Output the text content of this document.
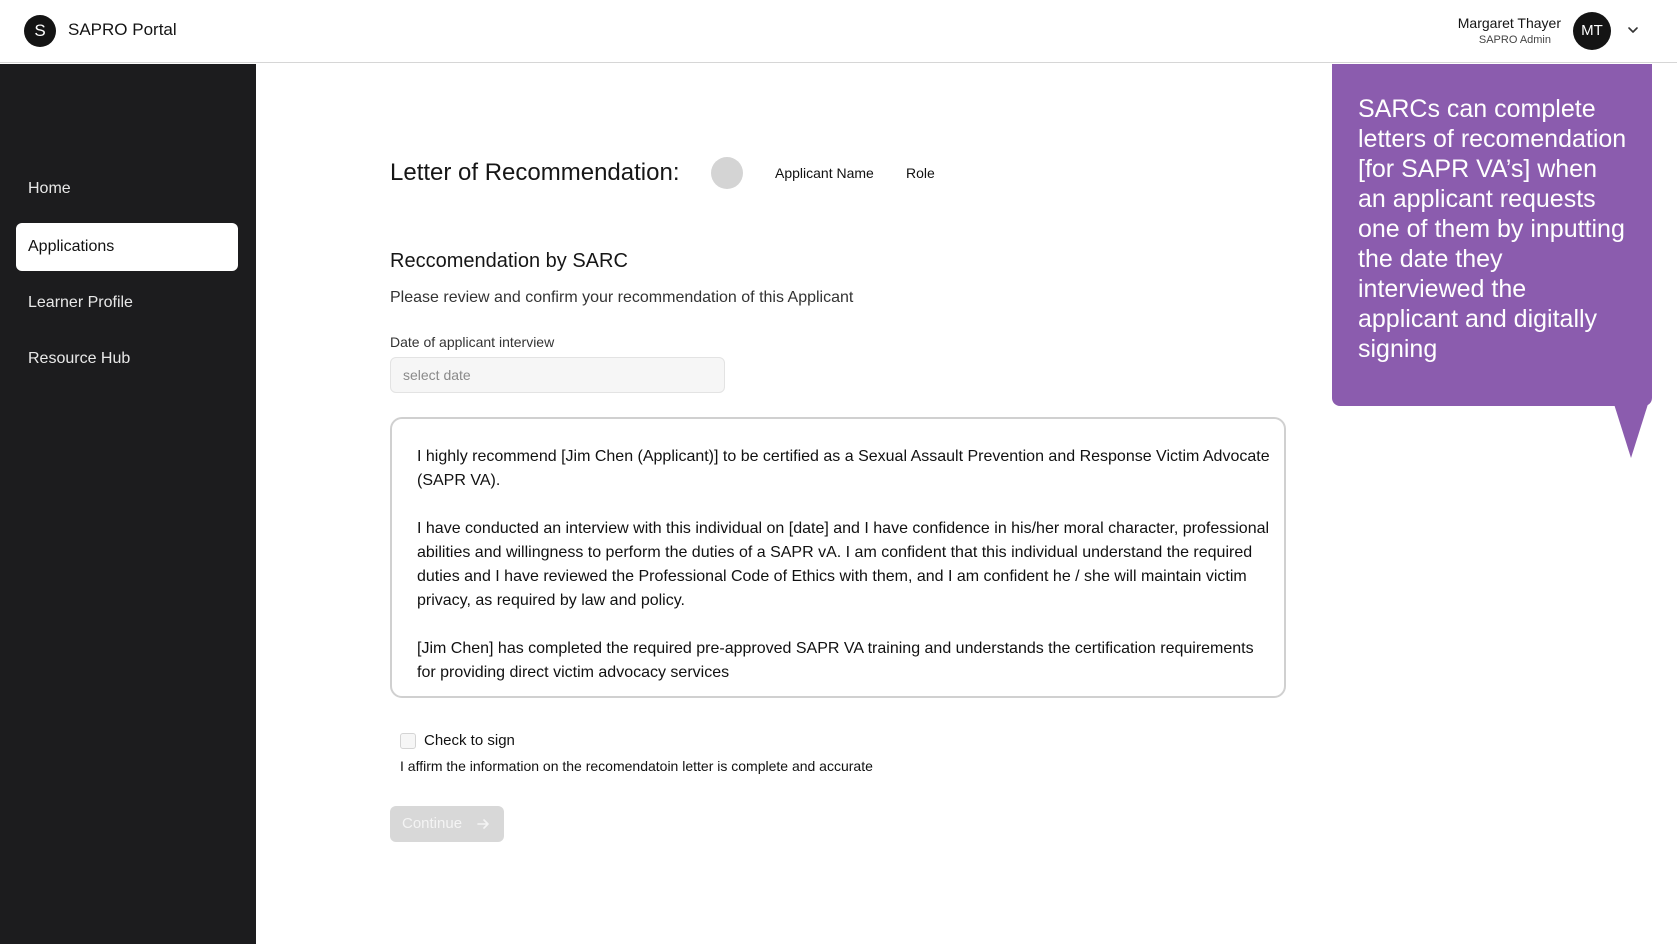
S	SAPRO Portal	Margaret Thayer
SAPRO Admin
MT
Home
Applications
Learner Profile
Resource Hub
Letter of Recommendation:	Applicant Name Role
Reccomendation by SARC
Please review and confirm your recommendation of this Applicant
Date of applicant interview
select date

I highly recommend [Jim Chen (Applicant)] to be certified as a Sexual Assault Prevention and Response Victim Advocate (SAPR VA).

I have conducted an interview with this individual on [date] and I have confidence in his/her moral character, professional abilities and willingness to perform the duties of a SAPR vA. I am confident that this individual understand the required duties and I have reviewed the Professional Code of Ethics with them, and I am confident he / she will maintain victim privacy, as required by law and policy.

[Jim Chen] has completed the required pre-approved SAPR VA training and understands the certification requirements for providing direct victim advocacy services

Check to sign
I affirm the information on the recomendatoin letter is complete and accurate
Continue
SARCs can complete letters of recomendation [for SAPR VA’s] when an applicant requests one of them by inputting the date they interviewed the applicant and digitally signing
